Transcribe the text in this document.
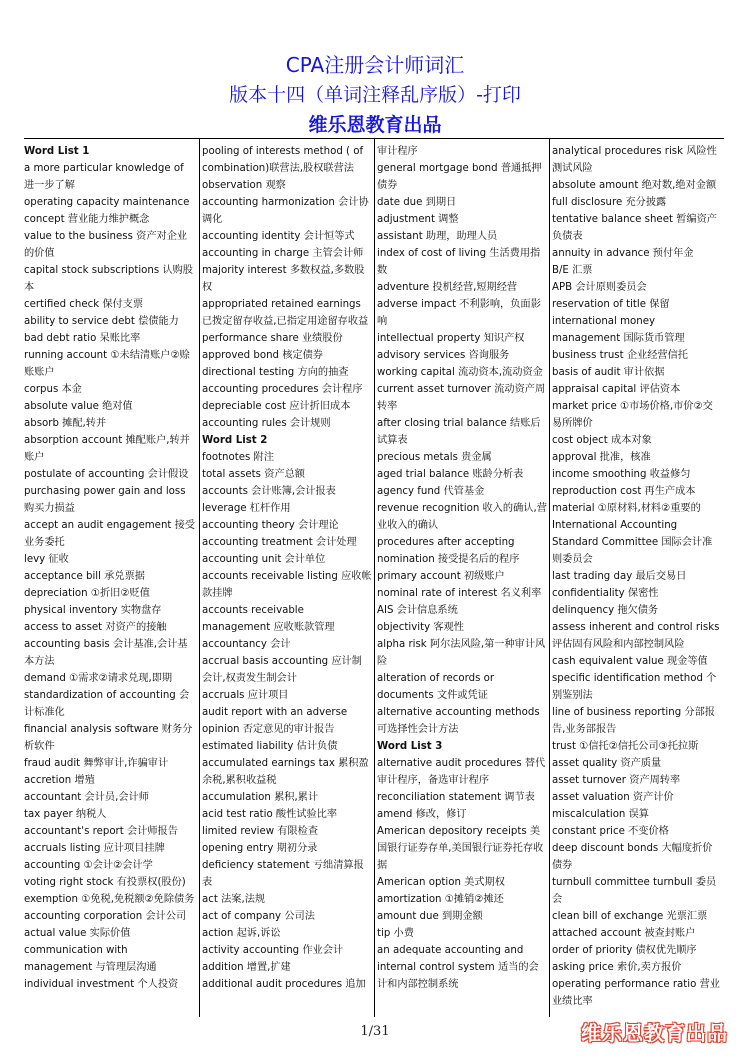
CPA注册会计师词汇
版本十四（单词注释乱序版）-打印
维乐恩教育出品

Word List 1

a more particular knowledge of 进一步了解

operating capacity maintenance

concept 营业能力维护概念

value to the business 资产对企业的价值

capital stock subscriptions 认购股本

certified check 保付支票

ability to service debt 偿债能力

bad debt ratio 呆账比率

running account ①未结清账户②赊账账户

corpus 本金

absolute value 绝对值

absorb 摊配,转并

absorption account 摊配账户,转并账户

postulate of accounting 会计假设

purchasing power gain and loss 购买力损益

accept an audit engagement 接受业务委托

levy 征收

acceptance bill 承兑票据

depreciation ①折旧②贬值

physical inventory 实物盘存

access to asset 对资产的接触

accounting basis 会计基准,会计基本方法

demand ①需求②请求兑现,即期

standardization of accounting 会计标准化

financial analysis software 财务分析软件

fraud audit 舞弊审计,诈骗审计

accretion 增殖

accountant 会计员,会计师

tax payer 纳税人

accountant's report 会计师报告

accruals listing 应计项目挂牌

accounting ①会计②会计学

voting right stock 有投票权(股份)

exemption ①免税,免税额②免除债务

accounting corporation 会计公司

actual value 实际价值

communication with management 与管理层沟通

individual investment 个人投资

pooling of interests method ( of combination)联营法,股权联营法

observation 观察

accounting harmonization 会计协调化

accounting identity 会计恒等式

accounting in charge 主管会计师

majority interest 多数权益,多数股权

appropriated retained earnings 已拨定留存收益,已指定用途留存收益

performance share 业绩股份

approved bond 核定债券

directional testing 方向的抽查

accounting procedures 会计程序

depreciable cost 应计折旧成本

accounting rules 会计规则

Word List 2

footnotes 附注

total assets 资产总额

accounts 会计账簿,会计报表

leverage 杠杆作用

accounting theory 会计理论

accounting treatment 会计处理

accounting unit 会计单位

accounts receivable listing 应收帐款挂牌

accounts receivable management 应收账款管理

accountancy 会计

accrual basis accounting 应计制会计,权责发生制会计

accruals 应计项目

audit report with an adverse opinion 否定意见的审计报告

estimated liability 估计负债

accumulated earnings tax 累积盈余税,累积收益税

accumulation 累积,累计

acid test ratio 酸性试验比率

limited review 有限检查

opening entry 期初分录

deficiency statement 亏绌清算报表

act 法案,法规

act of company 公司法

action 起诉,诉讼

activity accounting 作业会计

addition 增置,扩建

additional audit procedures 追加

审计程序

general mortgage bond 普通抵押债券

date due 到期日

adjustment 调整

assistant 助理，助理人员

index of cost of living 生活费用指数

adventure 投机经营,短期经营

adverse impact 不利影响，负面影响

intellectual property 知识产权

advisory services 咨询服务

working capital 流动资本,流动资金

current asset turnover 流动资产周转率

after closing trial balance 结账后试算表

precious metals 贵金属

aged trial balance 账龄分析表

agency fund 代管基金

revenue recognition 收入的确认,营业收入的确认

procedures after accepting

nomination 接受提名后的程序

primary account 初级账户

nominal rate of interest 名义利率

AIS 会计信息系统

objectivity 客观性

alpha risk 阿尔法风险,第一种审计风险

alteration of records or

documents 文件或凭证

alternative accounting methods 可选择性会计方法

Word List 3

alternative audit procedures 替代审计程序，备选审计程序

reconciliation statement 调节表

amend 修改，修订

American depository receipts 美国银行证券存单,美国银行证券托存收据

American option 美式期权

amortization ①摊销②摊还

amount due 到期金额

tip 小费

an adequate accounting and internal control system 适当的会计和内部控制系统

analytical procedures risk 风险性测试风险

absolute amount 绝对数,绝对金额

full disclosure 充分披露

tentative balance sheet 暂编资产负债表

annuity in advance 预付年金

B/E 汇票

APB 会计原则委员会

reservation of title 保留

international money management 国际货币管理

business trust 企业经营信托

basis of audit 审计依据

appraisal capital 评估资本

market price ①市场价格,市价②交易所牌价

cost object 成本对象

approval 批准，核准

income smoothing 收益修匀

reproduction cost 再生产成本

material ①原材料,材料②重要的

International Accounting Standard Committee 国际会计准则委员会

last trading day 最后交易日

confidentiality 保密性

delinquency 拖欠债务

assess inherent and control risks 评估固有风险和内部控制风险

cash equivalent value 现金等值

specific identification method 个别鉴别法

line of business reporting 分部报告,业务部报告

trust ①信托②信托公司③托拉斯

asset quality 资产质量

asset turnover 资产周转率

asset valuation 资产计价

miscalculation 误算

constant price 不变价格

deep discount bonds 大幅度折价债券

turnbull committee turnbull 委员会

clean bill of exchange 光票汇票

attached account 被查封账户

order of priority 债权优先顺序

asking price 索价,卖方报价

operating performance ratio 营业业绩比率

1/31	维乐恩教育出品
